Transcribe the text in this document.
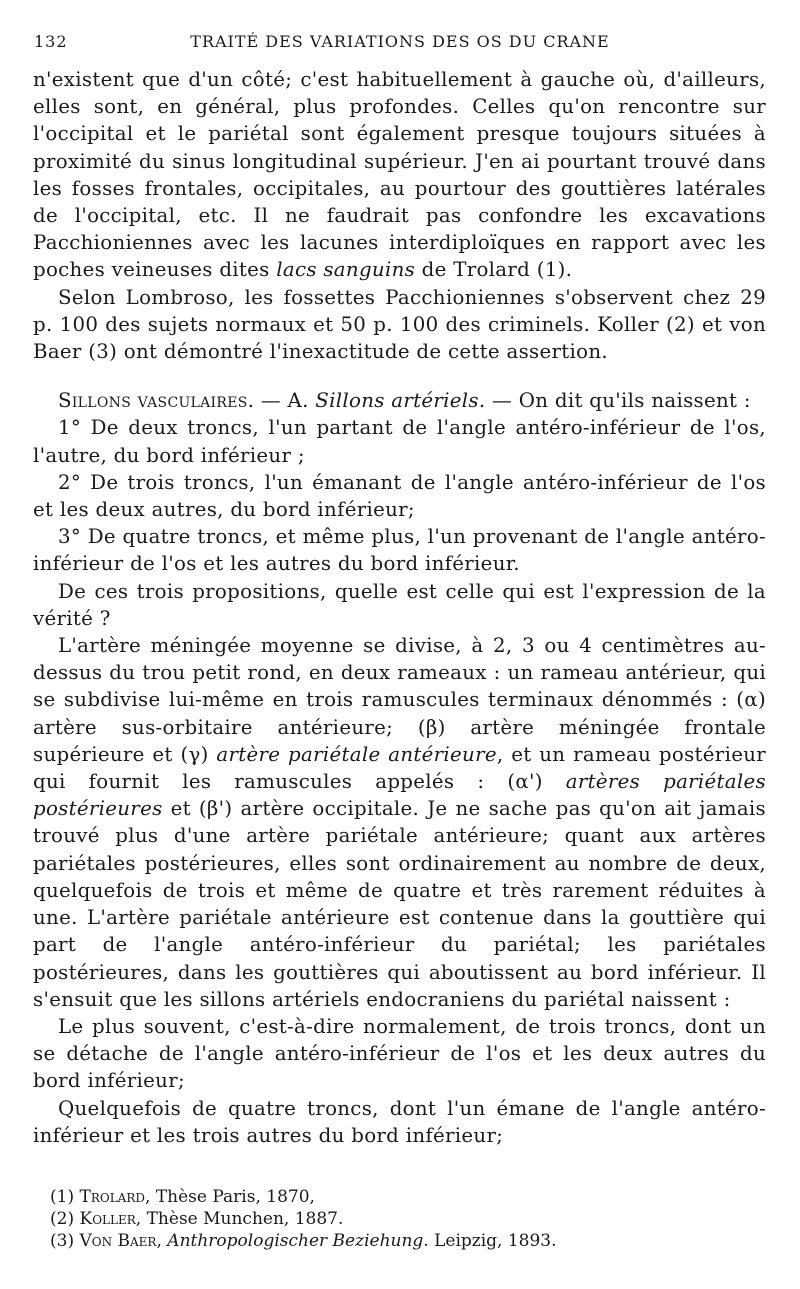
132	TRAITÉ DES VARIATIONS DES OS DU CRANE

n'existent que d'un côté; c'est habituellement à gauche où, d'ailleurs, elles sont, en général, plus profondes. Celles qu'on rencontre sur l'occipital et le pariétal sont également presque toujours situées à proximité du sinus longitudinal supérieur. J'en ai pourtant trouvé dans les fosses frontales, occipitales, au pourtour des gouttières latérales de l'occipital, etc. Il ne faudrait pas confondre les excavations Pacchioniennes avec les lacunes interdiploïques en rapport avec les poches veineuses dites lacs sanguins de Trolard (1).

Selon Lombroso, les fossettes Pacchioniennes s'observent chez 29 p. 100 des sujets normaux et 50 p. 100 des criminels. Koller (2) et von Baer (3) ont démontré l'inexactitude de cette assertion.

Sillons vasculaires. — A. Sillons artériels. — On dit qu'ils naissent :

1° De deux troncs, l'un partant de l'angle antéro-inférieur de l'os, l'autre, du bord inférieur ;

2° De trois troncs, l'un émanant de l'angle antéro-inférieur de l'os et les deux autres, du bord inférieur;

3° De quatre troncs, et même plus, l'un provenant de l'angle antéro-inférieur de l'os et les autres du bord inférieur.

De ces trois propositions, quelle est celle qui est l'expression de la vérité ?

L'artère méningée moyenne se divise, à 2, 3 ou 4 centimètres au-dessus du trou petit rond, en deux rameaux : un rameau antérieur, qui se subdivise lui-même en trois ramuscules terminaux dénommés : (α) artère sus-orbitaire antérieure; (β) artère méningée frontale supérieure et (γ) artère pariétale antérieure, et un rameau postérieur qui fournit les ramuscules appelés : (α') artères pariétales postérieures et (β') artère occipitale. Je ne sache pas qu'on ait jamais trouvé plus d'une artère pariétale antérieure; quant aux artères pariétales postérieures, elles sont ordinairement au nombre de deux, quelquefois de trois et même de quatre et très rarement réduites à une. L'artère pariétale antérieure est contenue dans la gouttière qui part de l'angle antéro-inférieur du pariétal; les pariétales postérieures, dans les gouttières qui aboutissent au bord inférieur. Il s'ensuit que les sillons artériels endocraniens du pariétal naissent :

Le plus souvent, c'est-à-dire normalement, de trois troncs, dont un se détache de l'angle antéro-inférieur de l'os et les deux autres du bord inférieur;

Quelquefois de quatre troncs, dont l'un émane de l'angle antéro-inférieur et les trois autres du bord inférieur;

(1) Trolard, Thèse Paris, 1870,
(2) Koller, Thèse Munchen, 1887.
(3) Von Baer, Anthropologischer Beziehung. Leipzig, 1893.
